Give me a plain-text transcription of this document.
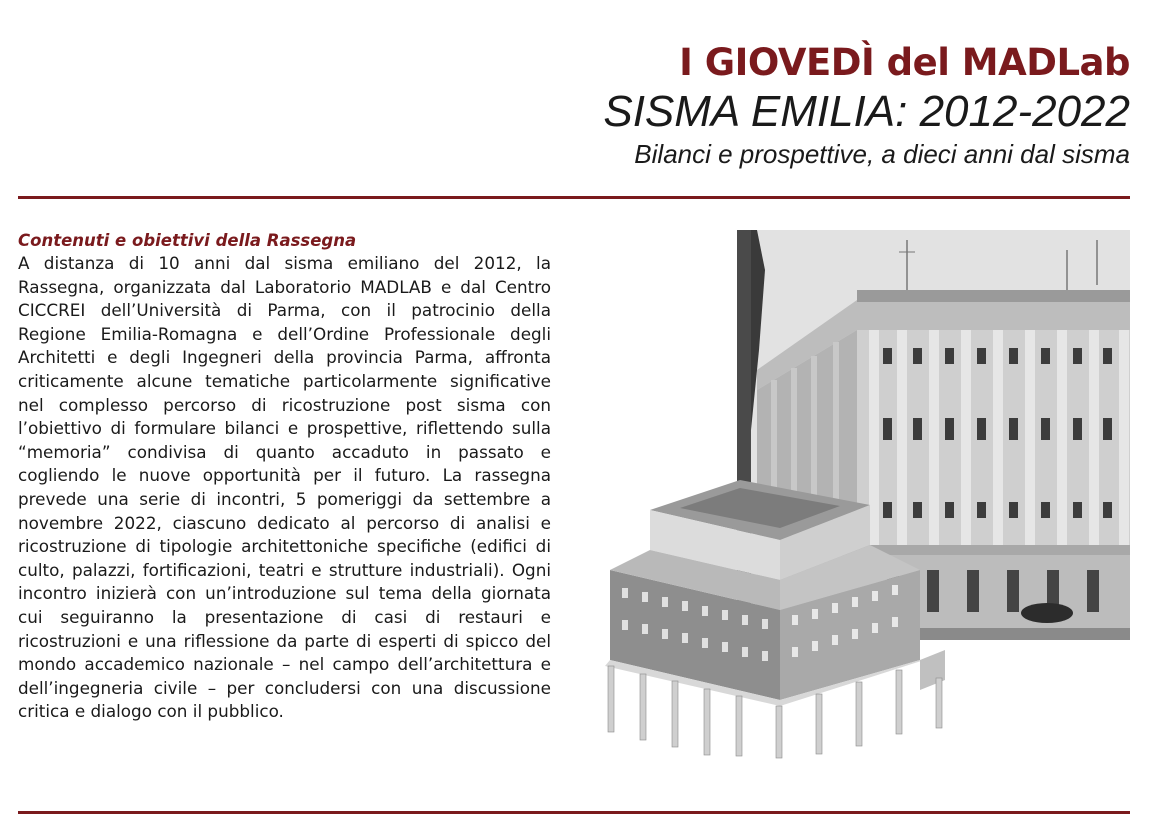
I GIOVEDÌ del MADLab
SISMA EMILIA: 2012-2022
Bilanci e prospettive, a dieci anni dal sisma
Contenuti e obiettivi della Rassegna

A distanza di 10 anni dal sisma emiliano del 2012, la Rassegna, organizzata dal Laboratorio MADLAB e dal Centro CICCREI dell’Università di Parma, con il patrocinio della Regione Emilia-Romagna e dell’Ordine Professionale degli Architetti e degli Ingegneri della provincia Parma, affronta criticamente alcune tematiche particolarmente significative nel complesso percorso di ricostruzione post sisma con l’obiettivo di formulare bilanci e prospettive, riflettendo sulla “memoria” condivisa di quanto accaduto in passato e cogliendo le nuove opportunità per il futuro. La rassegna prevede una serie di incontri, 5 pomeriggi da settembre a novembre 2022, ciascuno dedicato al percorso di analisi e ricostruzione di tipologie architettoniche specifiche (edifici di culto, palazzi, fortificazioni, teatri e strutture industriali). Ogni incontro inizierà con un’introduzione sul tema della giornata cui seguiranno la presentazione di casi di restauri e ricostruzioni e una riflessione da parte di esperti di spicco del mondo accademico nazionale – nel campo dell’architettura e dell’ingegneria civile – per concludersi con una discussione critica e dialogo con il pubblico.
